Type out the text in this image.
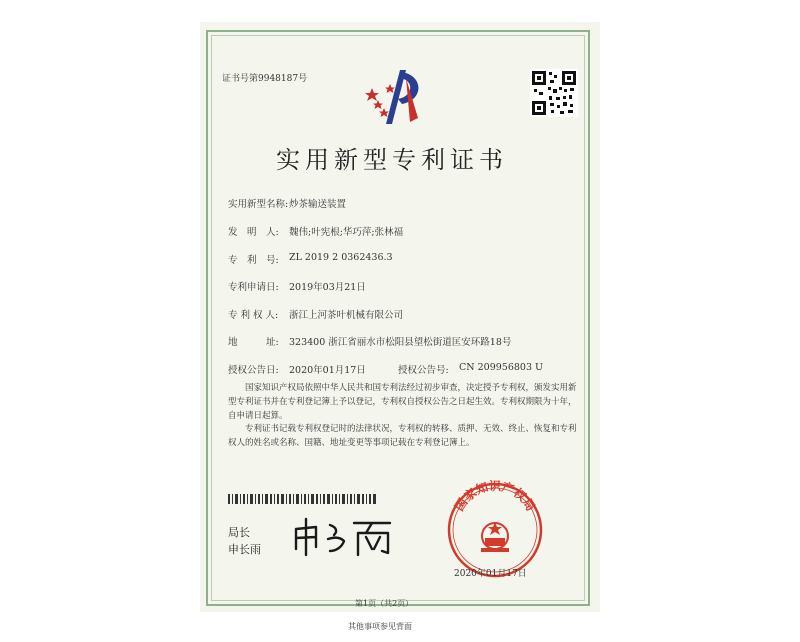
证书号第9948187号
实用新型专利证书
实用新型名称: 炒茶输送装置
发　明　人: 魏伟;叶宪根;华巧萍;张林福
专　利　号: ZL 2019 2 0362436.3
专利申请日: 2019年03月21日
专 利 权 人: 浙江上河茶叶机械有限公司
地　　　址: 323400 浙江省丽水市松阳县望松街道匡安环路18号
授权公告日: 2020年01月17日	授权公告号: CN 209956803 U
国家知识产权局依照中华人民共和国专利法经过初步审查，决定授予专利权，颁发实用新型专利证书并在专利登记簿上予以登记，专利权自授权公告之日起生效。专利权期限为十年，自申请日起算。
专利证书记载专利权登记时的法律状况，专利权的转移、质押、无效、终止、恢复和专利权人的姓名或名称、国籍、地址变更等事项记载在专利登记簿上。
局长
申长雨
国家知识产权局
2020年01月17日
第1页（共2页）
其他事项参见背面
